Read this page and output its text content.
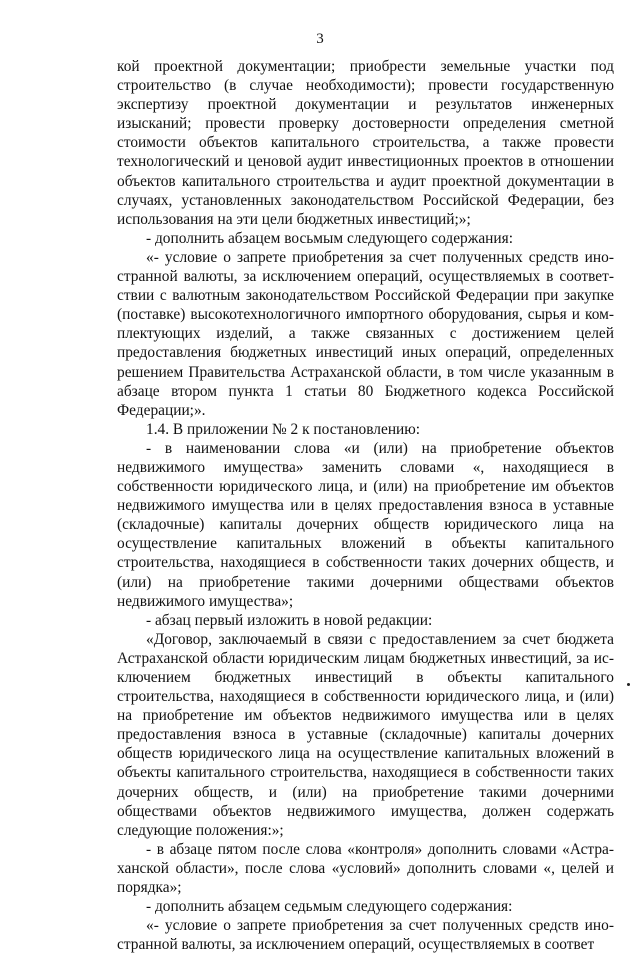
3

кой проектной документации; приобрести земельные участки под строительство (в случае необходимости); провести государственную экспертизу проектной документации и результатов инженерных изысканий; провести проверку достоверности определения сметной стоимости объектов капитального строительства, а также провести технологический и ценовой аудит инвестиционных проектов в отношении объектов капитального строительства и аудит проектной документации в случаях, установленных законодательством Российской Федерации, без использования на эти цели бюджетных инвестиций;»;

- дополнить абзацем восьмым следующего содержания:

«- условие о запрете приобретения за счет полученных средств иностранной валюты, за исключением операций, осуществляемых в соответствии с валютным законодательством Российской Федерации при закупке (поставке) высокотехнологичного импортного оборудования, сырья и комплектующих изделий, а также связанных с достижением целей предоставления бюджетных инвестиций иных операций, определенных решением Правительства Астраханской области, в том числе указанным в абзаце втором пункта 1 статьи 80 Бюджетного кодекса Российской Федерации;».

1.4. В приложении № 2 к постановлению:

- в наименовании слова «и (или) на приобретение объектов недвижимого имущества» заменить словами «, находящиеся в собственности юридического лица, и (или) на приобретение им объектов недвижимого имущества или в целях предоставления взноса в уставные (складочные) капиталы дочерних обществ юридического лица на осуществление капитальных вложений в объекты капитального строительства, находящиеся в собственности таких дочерних обществ, и (или) на приобретение такими дочерними обществами объектов недвижимого имущества»;

- абзац первый изложить в новой редакции:

«Договор, заключаемый в связи с предоставлением за счет бюджета Астраханской области юридическим лицам бюджетных инвестиций, за исключением бюджетных инвестиций в объекты капитального строительства, находящиеся в собственности юридического лица, и (или) на приобретение им объектов недвижимого имущества или в целях предоставления взноса в уставные (складочные) капиталы дочерних обществ юридического лица на осуществление капитальных вложений в объекты капитального строительства, находящиеся в собственности таких дочерних обществ, и (или) на приобретение такими дочерними обществами объектов недвижимого имущества, должен содержать следующие положения:»;

- в абзаце пятом после слова «контроля» дополнить словами «Астраханской области», после слова «условий» дополнить словами «, целей и порядка»;

- дополнить абзацем седьмым следующего содержания:

«- условие о запрете приобретения за счет полученных средств иностранной валюты, за исключением операций, осуществляемых в соответ
